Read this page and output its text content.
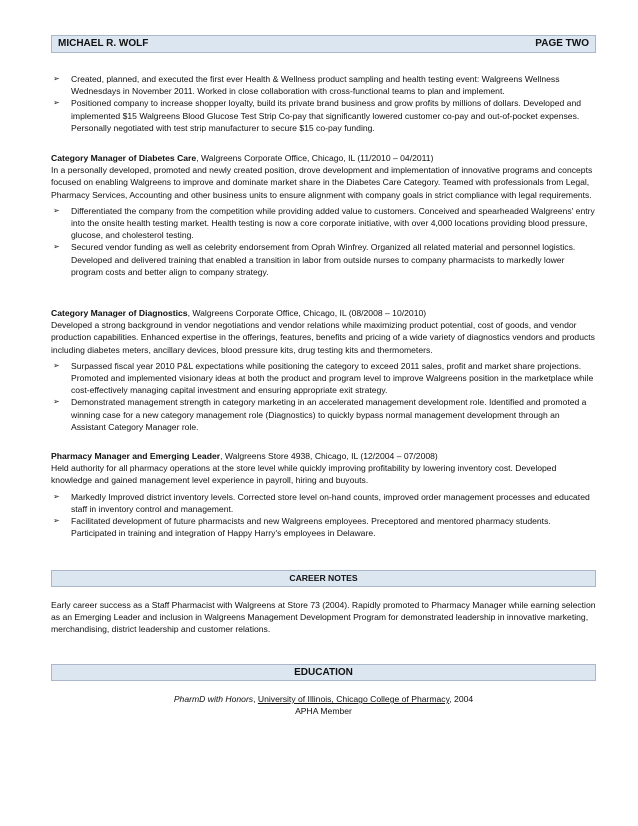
MICHAEL R. WOLF	PAGE TWO
➢ Created, planned, and executed the first ever Health & Wellness product sampling and health testing event: Walgreens Wellness Wednesdays in November 2011. Worked in close collaboration with cross-functional teams to plan and implement.
➢ Positioned company to increase shopper loyalty, build its private brand business and grow profits by millions of dollars. Developed and implemented $15 Walgreens Blood Glucose Test Strip Co-pay that significantly lowered customer co-pay and out-of-pocket expenses. Personally negotiated with test strip manufacturer to secure $15 co-pay funding.

Category Manager of Diabetes Care, Walgreens Corporate Office, Chicago, IL (11/2010 – 04/2011)

In a personally developed, promoted and newly created position, drove development and implementation of innovative programs and concepts focused on enabling Walgreens to improve and dominate market share in the Diabetes Care Category. Teamed with professionals from Legal, Pharmacy Services, Accounting and other business units to ensure alignment with company goals in strict compliance with legal requirements.

➢ Differentiated the company from the competition while providing added value to customers. Conceived and spearheaded Walgreens' entry into the onsite health testing market. Health testing is now a core corporate initiative, with over 4,000 locations providing blood pressure, glucose, and cholesterol testing.
➢ Secured vendor funding as well as celebrity endorsement from Oprah Winfrey. Organized all related material and personnel logistics. Developed and delivered training that enabled a transition in labor from outside nurses to company pharmacists to markedly lower program costs and better align to company strategy.

Category Manager of Diagnostics, Walgreens Corporate Office, Chicago, IL (08/2008 – 10/2010)

Developed a strong background in vendor negotiations and vendor relations while maximizing product potential, cost of goods, and vendor production capabilities. Enhanced expertise in the offerings, features, benefits and pricing of a wide variety of diagnostics vendors and products including diabetes meters, ancillary devices, blood pressure kits, drug testing kits and thermometers.

➢ Surpassed fiscal year 2010 P&L expectations while positioning the category to exceed 2011 sales, profit and market share projections. Promoted and implemented visionary ideas at both the product and program level to improve Walgreens position in the marketplace while cost-effectively managing capital investment and ensuring appropriate exit strategy.
➢ Demonstrated management strength in category marketing in an accelerated management development role. Identified and promoted a winning case for a new category management role (Diagnostics) to quickly bypass normal management development through an Assistant Category Manager role.

Pharmacy Manager and Emerging Leader, Walgreens Store 4938, Chicago, IL (12/2004 – 07/2008)

Held authority for all pharmacy operations at the store level while quickly improving profitability by lowering inventory cost. Developed knowledge and gained management level experience in payroll, hiring and buyouts.

➢ Markedly Improved district inventory levels. Corrected store level on-hand counts, improved order management processes and educated staff in inventory control and management.
➢ Facilitated development of future pharmacists and new Walgreens employees. Preceptored and mentored pharmacy students. Participated in training and integration of Happy Harry's employees in Delaware.
CAREER NOTES

Early career success as a Staff Pharmacist with Walgreens at Store 73 (2004). Rapidly promoted to Pharmacy Manager while earning selection as an Emerging Leader and inclusion in Walgreens Management Development Program for demonstrated leadership in innovative marketing, merchandising, district leadership and customer relations.

EDUCATION

PharmD with Honors, University of Illinois, Chicago College of Pharmacy, 2004

APHA Member
